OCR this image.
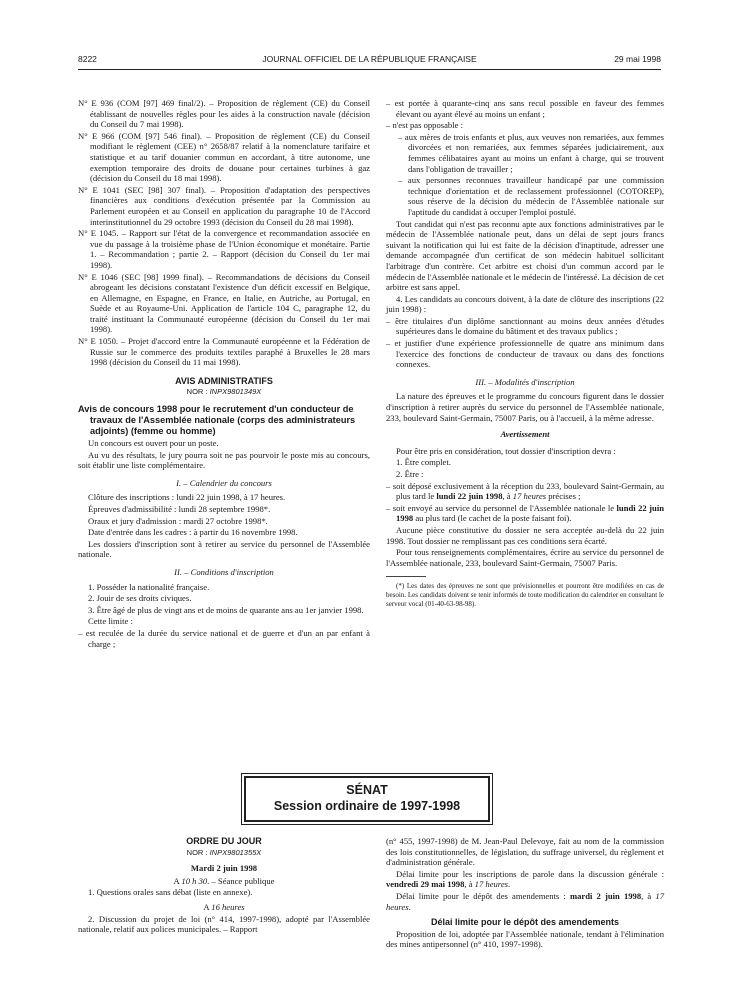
8222	JOURNAL OFFICIEL DE LA RÉPUBLIQUE FRANÇAISE	29 mai 1998

N° E 936 (COM [97] 469 final/2). – Proposition de règlement (CE) du Conseil établissant de nouvelles règles pour les aides à la construction navale (décision du Conseil du 7 mai 1998).

N° E 966 (COM [97] 546 final). – Proposition de règlement (CE) du Conseil modifiant le règlement (CEE) n° 2658/87 relatif à la nomenclature tarifaire et statistique et au tarif douanier commun en accordant, à titre autonome, une exemption temporaire des droits de douane pour certaines turbines à gaz (décision du Conseil du 18 mai 1998).

N° E 1041 (SEC [98] 307 final). – Proposition d'adaptation des perspectives financières aux conditions d'exécution présentée par la Commission au Parlement européen et au Conseil en application du paragraphe 10 de l'Accord interinstitutionnel du 29 octobre 1993 (décision du Conseil du 28 mai 1998).

N° E 1045. – Rapport sur l'état de la convergence et recommandation associée en vue du passage à la troisième phase de l'Union économique et monétaire. Partie 1. – Recommandation ; partie 2. – Rapport (décision du Conseil du 1er mai 1998).

N° E 1046 (SEC [98] 1999 final). – Recommandations de décisions du Conseil abrogeant les décisions constatant l'existence d'un déficit excessif en Belgique, en Allemagne, en Espagne, en France, en Italie, en Autriche, au Portugal, en Suède et au Royaume-Uni. Application de l'article 104 C, paragraphe 12, du traité instituant la Communauté européenne (décision du Conseil du 1er mai 1998).

N° E 1050. – Projet d'accord entre la Communauté européenne et la Fédération de Russie sur le commerce des produits textiles paraphé à Bruxelles le 28 mars 1998 (décision du Conseil du 11 mai 1998).

AVIS ADMINISTRATIFS

NOR : INPX9801349X

Avis de concours 1998 pour le recrutement d'un conducteur de travaux de l'Assemblée nationale (corps des administrateurs adjoints) (femme ou homme)

Un concours est ouvert pour un poste.

Au vu des résultats, le jury pourra soit ne pas pourvoir le poste mis au concours, soit établir une liste complémentaire.

I. – Calendrier du concours

Clôture des inscriptions : lundi 22 juin 1998, à 17 heures.

Épreuves d'admissibilité : lundi 28 septembre 1998*.

Oraux et jury d'admission : mardi 27 octobre 1998*.

Date d'entrée dans les cadres : à partir du 16 novembre 1998.

Les dossiers d'inscription sont à retirer au service du personnel de l'Assemblée nationale.

II. – Conditions d'inscription

1. Posséder la nationalité française.

2. Jouir de ses droits civiques.

3. Être âgé de plus de vingt ans et de moins de quarante ans au 1er janvier 1998.

Cette limite :

– est reculée de la durée du service national et de guerre et d'un an par enfant à charge ;

– est portée à quarante-cinq ans sans recul possible en faveur des femmes élevant ou ayant élevé au moins un enfant ;

– n'est pas opposable :

– aux mères de trois enfants et plus, aux veuves non remariées, aux femmes divorcées et non remariées, aux femmes séparées judiciairement, aux femmes célibataires ayant au moins un enfant à charge, qui se trouvent dans l'obligation de travailler ;

– aux personnes reconnues travailleur handicapé par une commission technique d'orientation et de reclassement professionnel (COTOREP), sous réserve de la décision du médecin de l'Assemblée nationale sur l'aptitude du candidat à occuper l'emploi postulé.

Tout candidat qui n'est pas reconnu apte aux fonctions administratives par le médecin de l'Assemblée nationale peut, dans un délai de sept jours francs suivant la notification qui lui est faite de la décision d'inaptitude, adresser une demande accompagnée d'un certificat de son médecin habituel sollicitant l'arbitrage d'un contrère. Cet arbitre est choisi d'un commun accord par le médecin de l'Assemblée nationale et le médecin de l'intéressé. La décision de cet arbitre est sans appel.

4. Les candidats au concours doivent, à la date de clôture des inscriptions (22 juin 1998) :

– être titulaires d'un diplôme sanctionnant au moins deux années d'études supérieures dans le domaine du bâtiment et des travaux publics ;

– et justifier d'une expérience professionnelle de quatre ans minimum dans l'exercice des fonctions de conducteur de travaux ou dans des fonctions connexes.

III. – Modalités d'inscription

La nature des épreuves et le programme du concours figurent dans le dossier d'inscription à retirer auprès du service du personnel de l'Assemblée nationale, 233, boulevard Saint-Germain, 75007 Paris, ou à l'accueil, à la même adresse.

Avertissement

Pour être pris en considération, tout dossier d'inscription devra :

1. Être complet.

2. Être :

– soit déposé exclusivement à la réception du 233, boulevard Saint-Germain, au plus tard le lundi 22 juin 1998, à 17 heures précises ;

– soit envoyé au service du personnel de l'Assemblée nationale le lundi 22 juin 1998 au plus tard (le cachet de la poste faisant foi).

Aucune pièce constitutive du dossier ne sera acceptée au-delà du 22 juin 1998. Tout dossier ne remplissant pas ces conditions sera écarté.

Pour tous renseignements complémentaires, écrire au service du personnel de l'Assemblée nationale, 233, boulevard Saint-Germain, 75007 Paris.

(*) Les dates des épreuves ne sont que prévisionnelles et pourront être modifiées en cas de besoin. Les candidats doivent se tenir informés de toute modification du calendrier en consultant le serveur vocal (01-40-63-98-98).

SÉNAT
Session ordinaire de 1997-1998

ORDRE DU JOUR

NOR : INPX9801355X

Mardi 2 juin 1998

A 10 h 30. – Séance publique

1. Questions orales sans débat (liste en annexe).

A 16 heures

2. Discussion du projet de loi (n° 414, 1997-1998), adopté par l'Assemblée nationale, relatif aux polices municipales. – Rapport

(n° 455, 1997-1998) de M. Jean-Paul Delevoye, fait au nom de la commission des lois constitutionnelles, de législation, du suffrage universel, du règlement et d'administration générale.

Délai limite pour les inscriptions de parole dans la discussion générale : vendredi 29 mai 1998, à 17 heures.

Délai limite pour le dépôt des amendements : mardi 2 juin 1998, à 17 heures.

Délai limite pour le dépôt des amendements

Proposition de loi, adoptée par l'Assemblée nationale, tendant à l'élimination des mines antipersonnel (n° 410, 1997-1998).
